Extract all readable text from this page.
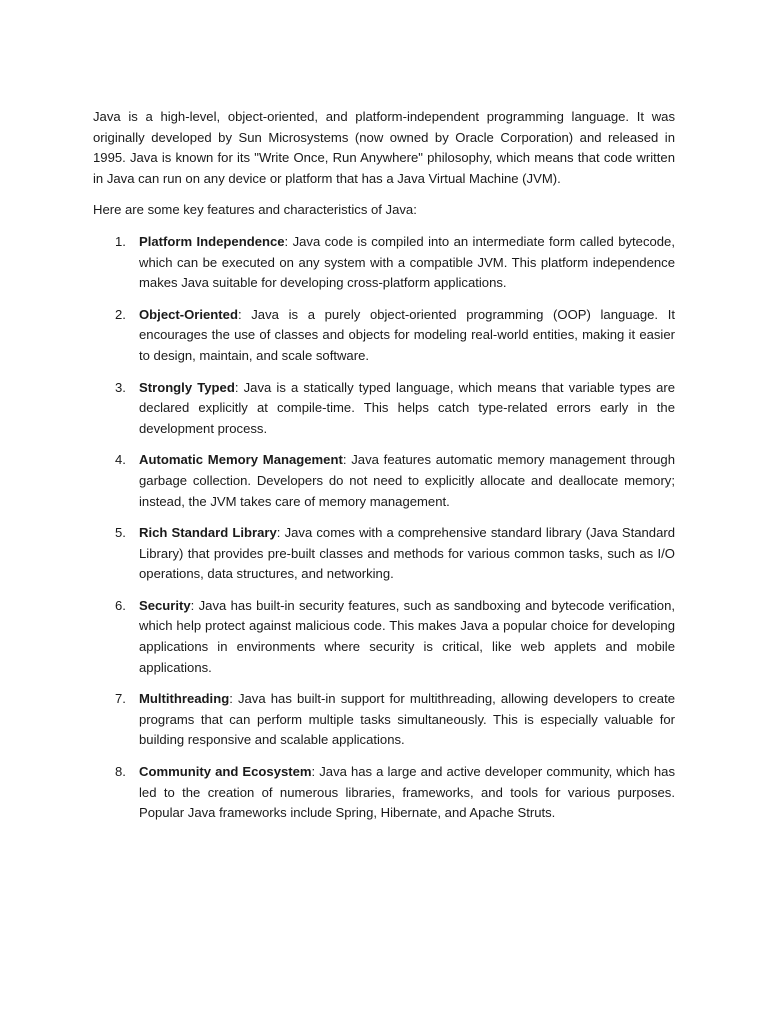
Java is a high-level, object-oriented, and platform-independent programming language. It was originally developed by Sun Microsystems (now owned by Oracle Corporation) and released in 1995. Java is known for its "Write Once, Run Anywhere" philosophy, which means that code written in Java can run on any device or platform that has a Java Virtual Machine (JVM).

Here are some key features and characteristics of Java:

1. Platform Independence: Java code is compiled into an intermediate form called bytecode, which can be executed on any system with a compatible JVM. This platform independence makes Java suitable for developing cross-platform applications.
2. Object-Oriented: Java is a purely object-oriented programming (OOP) language. It encourages the use of classes and objects for modeling real-world entities, making it easier to design, maintain, and scale software.
3. Strongly Typed: Java is a statically typed language, which means that variable types are declared explicitly at compile-time. This helps catch type-related errors early in the development process.
4. Automatic Memory Management: Java features automatic memory management through garbage collection. Developers do not need to explicitly allocate and deallocate memory; instead, the JVM takes care of memory management.
5. Rich Standard Library: Java comes with a comprehensive standard library (Java Standard Library) that provides pre-built classes and methods for various common tasks, such as I/O operations, data structures, and networking.
6. Security: Java has built-in security features, such as sandboxing and bytecode verification, which help protect against malicious code. This makes Java a popular choice for developing applications in environments where security is critical, like web applets and mobile applications.
7. Multithreading: Java has built-in support for multithreading, allowing developers to create programs that can perform multiple tasks simultaneously. This is especially valuable for building responsive and scalable applications.
8. Community and Ecosystem: Java has a large and active developer community, which has led to the creation of numerous libraries, frameworks, and tools for various purposes. Popular Java frameworks include Spring, Hibernate, and Apache Struts.
